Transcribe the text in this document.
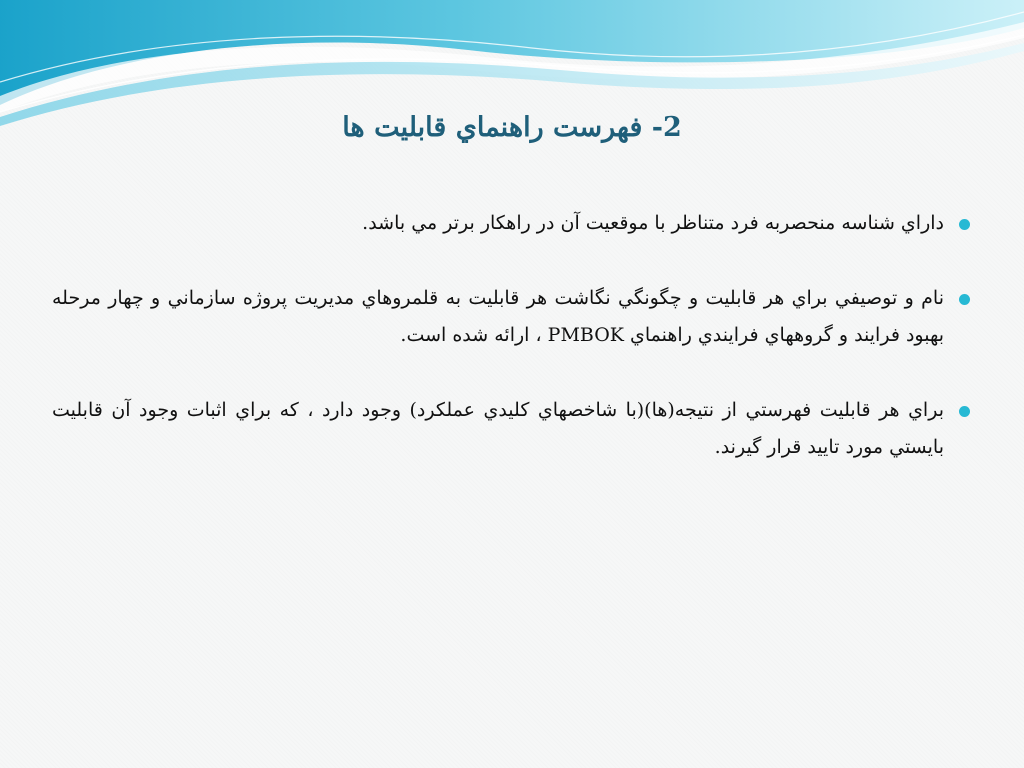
2- فهرست راهنماي قابليت ها
داراي شناسه منحصربه فرد متناظر با موقعيت آن در راهكار برتر مي باشد.
نام و توصيفي براي هر قابليت و چگونگي نگاشت هر قابليت به قلمروهاي مديريت پروژه سازماني و چهار مرحله بهبود فرايند و گروههاي فرايندي راهنماي PMBOK ، ارائه شده است.
براي هر قابليت فهرستي از نتيجه(ها)(با شاخصهاي كليدي عملكرد) وجود دارد ، كه براي اثبات وجود آن قابليت بايستي مورد تاييد قرار گيرند.
